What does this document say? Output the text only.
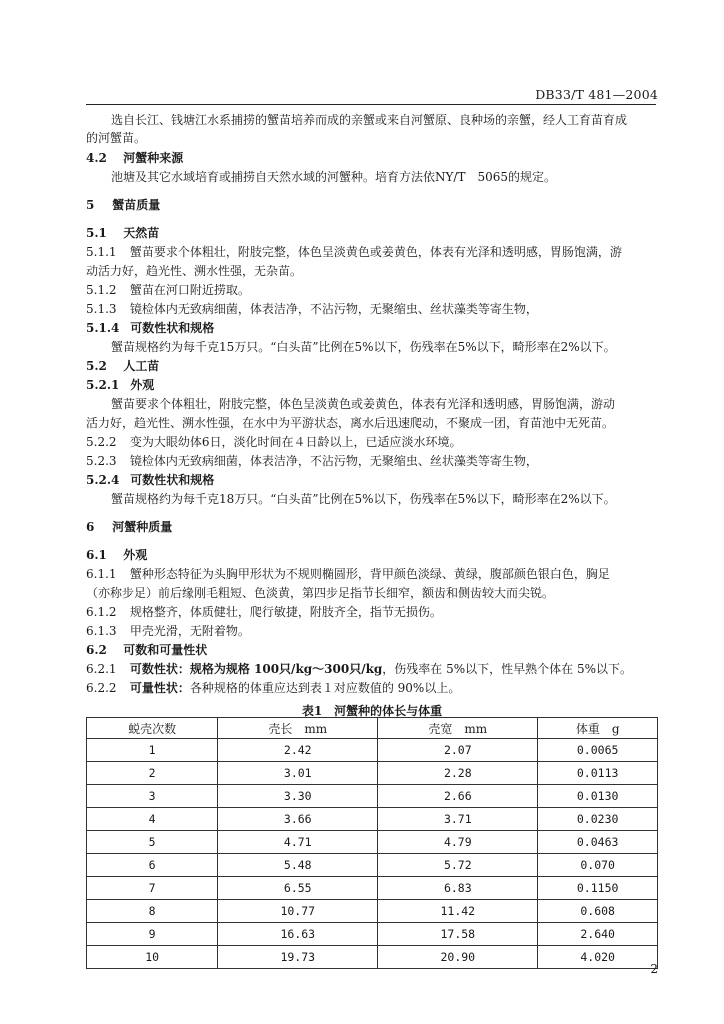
DB33/T 481—2004
选自长江、钱塘江水系捕捞的蟹苗培养而成的亲蟹或来自河蟹原、良种场的亲蟹，经人工育苗育成
的河蟹苗。
4.2 河蟹种来源
池塘及其它水域培育或捕捞自天然水域的河蟹种。培育方法依NY/T　5065的规定。
5 蟹苗质量
5.1 天然苗
5.1.1 蟹苗要求个体粗壮，附肢完整，体色呈淡黄色或姜黄色，体表有光泽和透明感，胃肠饱满，游
动活力好，趋光性、溯水性强，无杂苗。
5.1.2 蟹苗在河口附近捞取。
5.1.3 镜检体内无致病细菌，体表洁净，不沾污物，无聚缩虫、丝状藻类等寄生物，
5.1.4 可数性状和规格
蟹苗规格约为每千克15万只。“白头苗”比例在5%以下，伤残率在5%以下，畸形率在2%以下。
5.2 人工苗
5.2.1 外观
蟹苗要求个体粗壮，附肢完整，体色呈淡黄色或姜黄色，体表有光泽和透明感，胃肠饱满，游动
活力好，趋光性、溯水性强，在水中为平游状态，离水后迅速爬动，不聚成一团，育苗池中无死苗。
5.2.2 变为大眼幼体6日，淡化时间在４日龄以上，已适应淡水环境。
5.2.3 镜检体内无致病细菌，体表洁净，不沾污物，无聚缩虫、丝状藻类等寄生物，
5.2.4 可数性状和规格
蟹苗规格约为每千克18万只。“白头苗”比例在5%以下，伤残率在5%以下，畸形率在2%以下。
6 河蟹种质量
6.1 外观
6.1.1 蟹种形态特征为头胸甲形状为不规则椭圆形，背甲颜色淡绿、黄绿，腹部颜色银白色，胸足
（亦称步足）前后缘刚毛粗短、色淡黄，第四步足指节长细窄，额齿和侧齿较大而尖锐。
6.1.2 规格整齐，体质健壮，爬行敏捷，附肢齐全，指节无损伤。
6.1.3 甲壳光滑，无附着物。
6.2 可数和可量性状
6.2.1 可数性状：规格为规格 100只/kg～300只/kg，伤残率在 5%以下，性早熟个体在 5%以下。
6.2.2 可量性状：各种规格的体重应达到表１对应数值的 90%以上。
表1　河蟹种的体长与体重
蜕壳次数	壳长　mm	壳宽　mm	体重　g
1	2.42	2.07	0.0065
2	3.01	2.28	0.0113
3	3.30	2.66	0.0130
4	3.66	3.71	0.0230
5	4.71	4.79	0.0463
6	5.48	5.72	0.070
7	6.55	6.83	0.1150
8	10.77	11.42	0.608
9	16.63	17.58	2.640
10	19.73	20.90	4.020
2
